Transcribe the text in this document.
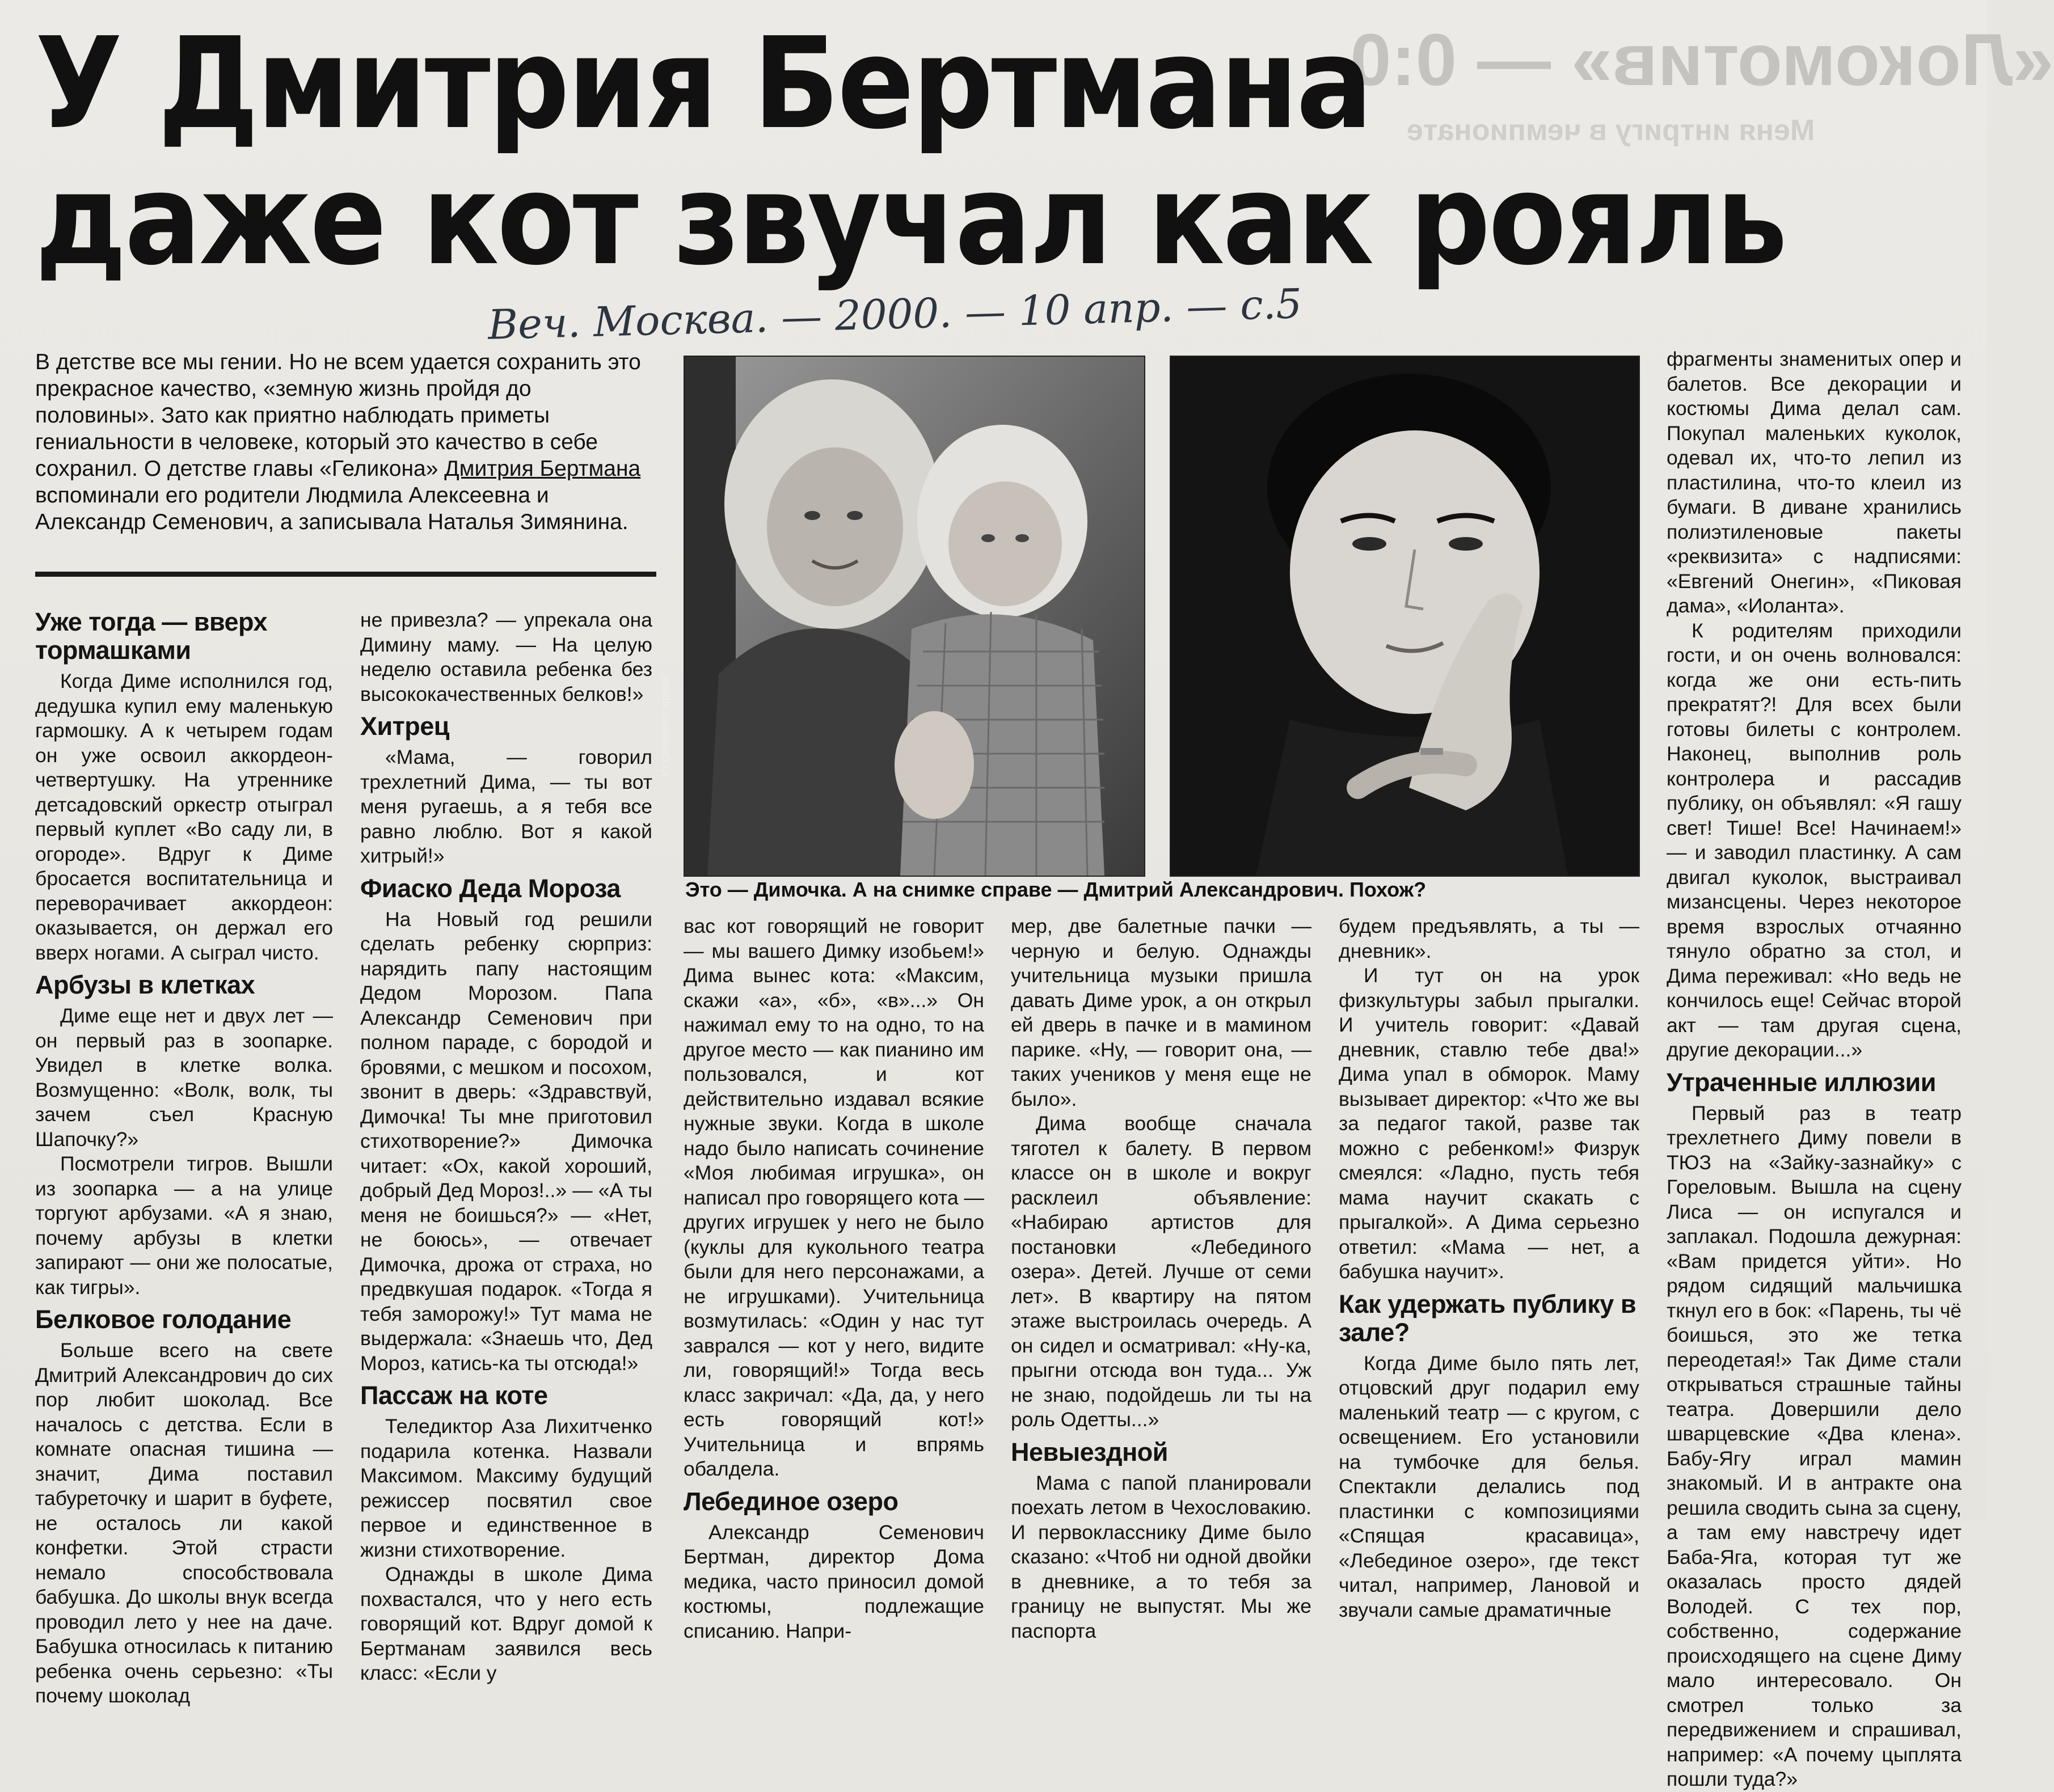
«Локомотив» — 0:0
Меня интригу в чемпионате
У Дмитрия Бертмана
даже кот звучал как рояль
Веч. Москва. — 2000. — 10 апр. — с.5

В детстве все мы гении. Но не всем удается сохранить это прекрасное качество, «земную жизнь пройдя до половины». Зато как приятно наблюдать приметы гениальности в человеке, который это качество в себе сохранил. О детстве главы «Геликона» Дмитрия Бертмана вспоминали его родители Людмила Алексеевна и Александр Семенович, а записывала Наталья Зимянина.

Уже тогда — вверх тормашками

Когда Диме исполнился год, дедушка купил ему маленькую гармошку. А к четырем годам он уже освоил аккордеон-четвертушку. На утреннике детсадовский оркестр отыграл первый куплет «Во саду ли, в огороде». Вдруг к Диме бросается воспитательница и переворачивает аккордеон: оказывается, он держал его вверх ногами. А сыграл чисто.

Арбузы в клетках

Диме еще нет и двух лет — он первый раз в зоопарке. Увидел в клетке волка. Возмущенно: «Волк, волк, ты зачем съел Красную Шапочку?»

Посмотрели тигров. Вышли из зоопарка — а на улице торгуют арбузами. «А я знаю, почему арбузы в клетки запирают — они же полосатые, как тигры».

Белковое голодание

Больше всего на свете Дмитрий Александрович до сих пор любит шоколад. Все началось с детства. Если в комнате опасная тишина — значит, Дима поставил табуреточку и шарит в буфете, не осталось ли какой конфетки. Этой страсти немало способствовала бабушка. До школы внук всегда проводил лето у нее на даче. Бабушка относилась к питанию ребенка очень серьезно: «Ты почему шоколад

не привезла? — упрекала она Димину маму. — На целую неделю оставила ребенка без высококачественных белков!»

Хитрец

«Мама, — говорил трехлетний Дима, — ты вот меня ругаешь, а я тебя все равно люблю. Вот я какой хитрый!»

Фиаско Деда Мороза

На Новый год решили сделать ребенку сюрприз: нарядить папу настоящим Дедом Морозом. Папа Александр Семенович при полном параде, с бородой и бровями, с мешком и посохом, звонит в дверь: «Здравствуй, Димочка! Ты мне приготовил стихотворение?» Димочка читает: «Ох, какой хороший, добрый Дед Мороз!..» — «А ты меня не боишься?» — «Нет, не боюсь», — отвечает Димочка, дрожа от страха, но предвкушая подарок. «Тогда я тебя заморожу!» Тут мама не выдержала: «Знаешь что, Дед Мороз, катись-ка ты отсюда!»

Пассаж на коте

Теледиктор Аза Лихитченко подарила котенка. Назвали Максимом. Максиму будущий режиссер посвятил свое первое и единственное в жизни стихотворение.

Однажды в школе Дима похвастался, что у него есть говорящий кот. Вдруг домой к Бертманам заявился весь класс: «Если у

Из семейного архива
Это — Димочка. А на снимке справе — Дмитрий Александрович. Похож?

вас кот говорящий не говорит — мы вашего Димку изобьем!» Дима вынес кота: «Максим, скажи «а», «б», «в»...» Он нажимал ему то на одно, то на другое место — как пианино им пользовался, и кот действительно издавал всякие нужные звуки. Когда в школе надо было написать сочинение «Моя любимая игрушка», он написал про говорящего кота — других игрушек у него не было (куклы для кукольного театра были для него персонажами, а не игрушками). Учительница возмутилась: «Один у нас тут заврался — кот у него, видите ли, говорящий!» Тогда весь класс закричал: «Да, да, у него есть говорящий кот!» Учительница и впрямь обалдела.

Лебединое озеро

Александр Семенович Бертман, директор Дома медика, часто приносил домой костюмы, подлежащие списанию. Напри-

мер, две балетные пачки — черную и белую. Однажды учительница музыки пришла давать Диме урок, а он открыл ей дверь в пачке и в мамином парике. «Ну, — говорит она, — таких учеников у меня еще не было».

Дима вообще сначала тяготел к балету. В первом классе он в школе и вокруг расклеил объявление: «Набираю артистов для постановки «Лебединого озера». Детей. Лучше от семи лет». В квартиру на пятом этаже выстроилась очередь. А он сидел и осматривал: «Ну-ка, прыгни отсюда вон туда... Уж не знаю, подойдешь ли ты на роль Одетты...»

Невыездной

Мама с папой планировали поехать летом в Чехословакию. И первокласснику Диме было сказано: «Чтоб ни одной двойки в дневнике, а то тебя за границу не выпустят. Мы же паспорта

будем предъявлять, а ты — дневник».

И тут он на урок физкультуры забыл прыгалки. И учитель говорит: «Давай дневник, ставлю тебе два!» Дима упал в обморок. Маму вызывает директор: «Что же вы за педагог такой, разве так можно с ребенком!» Физрук смеялся: «Ладно, пусть тебя мама научит скакать с прыгалкой». А Дима серьезно ответил: «Мама — нет, а бабушка научит».

Как удержать публику в зале?

Когда Диме было пять лет, отцовский друг подарил ему маленький театр — с кругом, с освещением. Его установили на тумбочке для белья. Спектакли делались под пластинки с композициями «Спящая красавица», «Лебединое озеро», где текст читал, например, Лановой и звучали самые драматичные

фрагменты знаменитых опер и балетов. Все декорации и костюмы Дима делал сам. Покупал маленьких куколок, одевал их, что-то лепил из пластилина, что-то клеил из бумаги. В диване хранились полиэтиленовые пакеты «реквизита» с надписями: «Евгений Онегин», «Пиковая дама», «Иоланта».

К родителям приходили гости, и он очень волновался: когда же они есть-пить прекратят?! Для всех были готовы билеты с контролем. Наконец, выполнив роль контролера и рассадив публику, он объявлял: «Я гашу свет! Тише! Все! Начинаем!» — и заводил пластинку. А сам двигал куколок, выстраивал мизансцены. Через некоторое время взрослых отчаянно тянуло обратно за стол, и Дима переживал: «Но ведь не кончилось еще! Сейчас второй акт — там другая сцена, другие декорации...»

Утраченные иллюзии

Первый раз в театр трехлетнего Диму повели в ТЮЗ на «Зайку-зазнайку» с Гореловым. Вышла на сцену Лиса — он испугался и заплакал. Подошла дежурная: «Вам придется уйти». Но рядом сидящий мальчишка ткнул его в бок: «Парень, ты чё боишься, это же тетка переодетая!» Так Диме стали открываться страшные тайны театра. Довершили дело шварцевские «Два клена». Бабу-Ягу играл мамин знакомый. И в антракте она решила сводить сына за сцену, а там ему навстречу идет Баба-Яга, которая тут же оказалась просто дядей Володей. С тех пор, собственно, содержание происходящего на сцене Диму мало интересовало. Он смотрел только за передвижением и спрашивал, например: «А почему цыплята пошли туда?»
